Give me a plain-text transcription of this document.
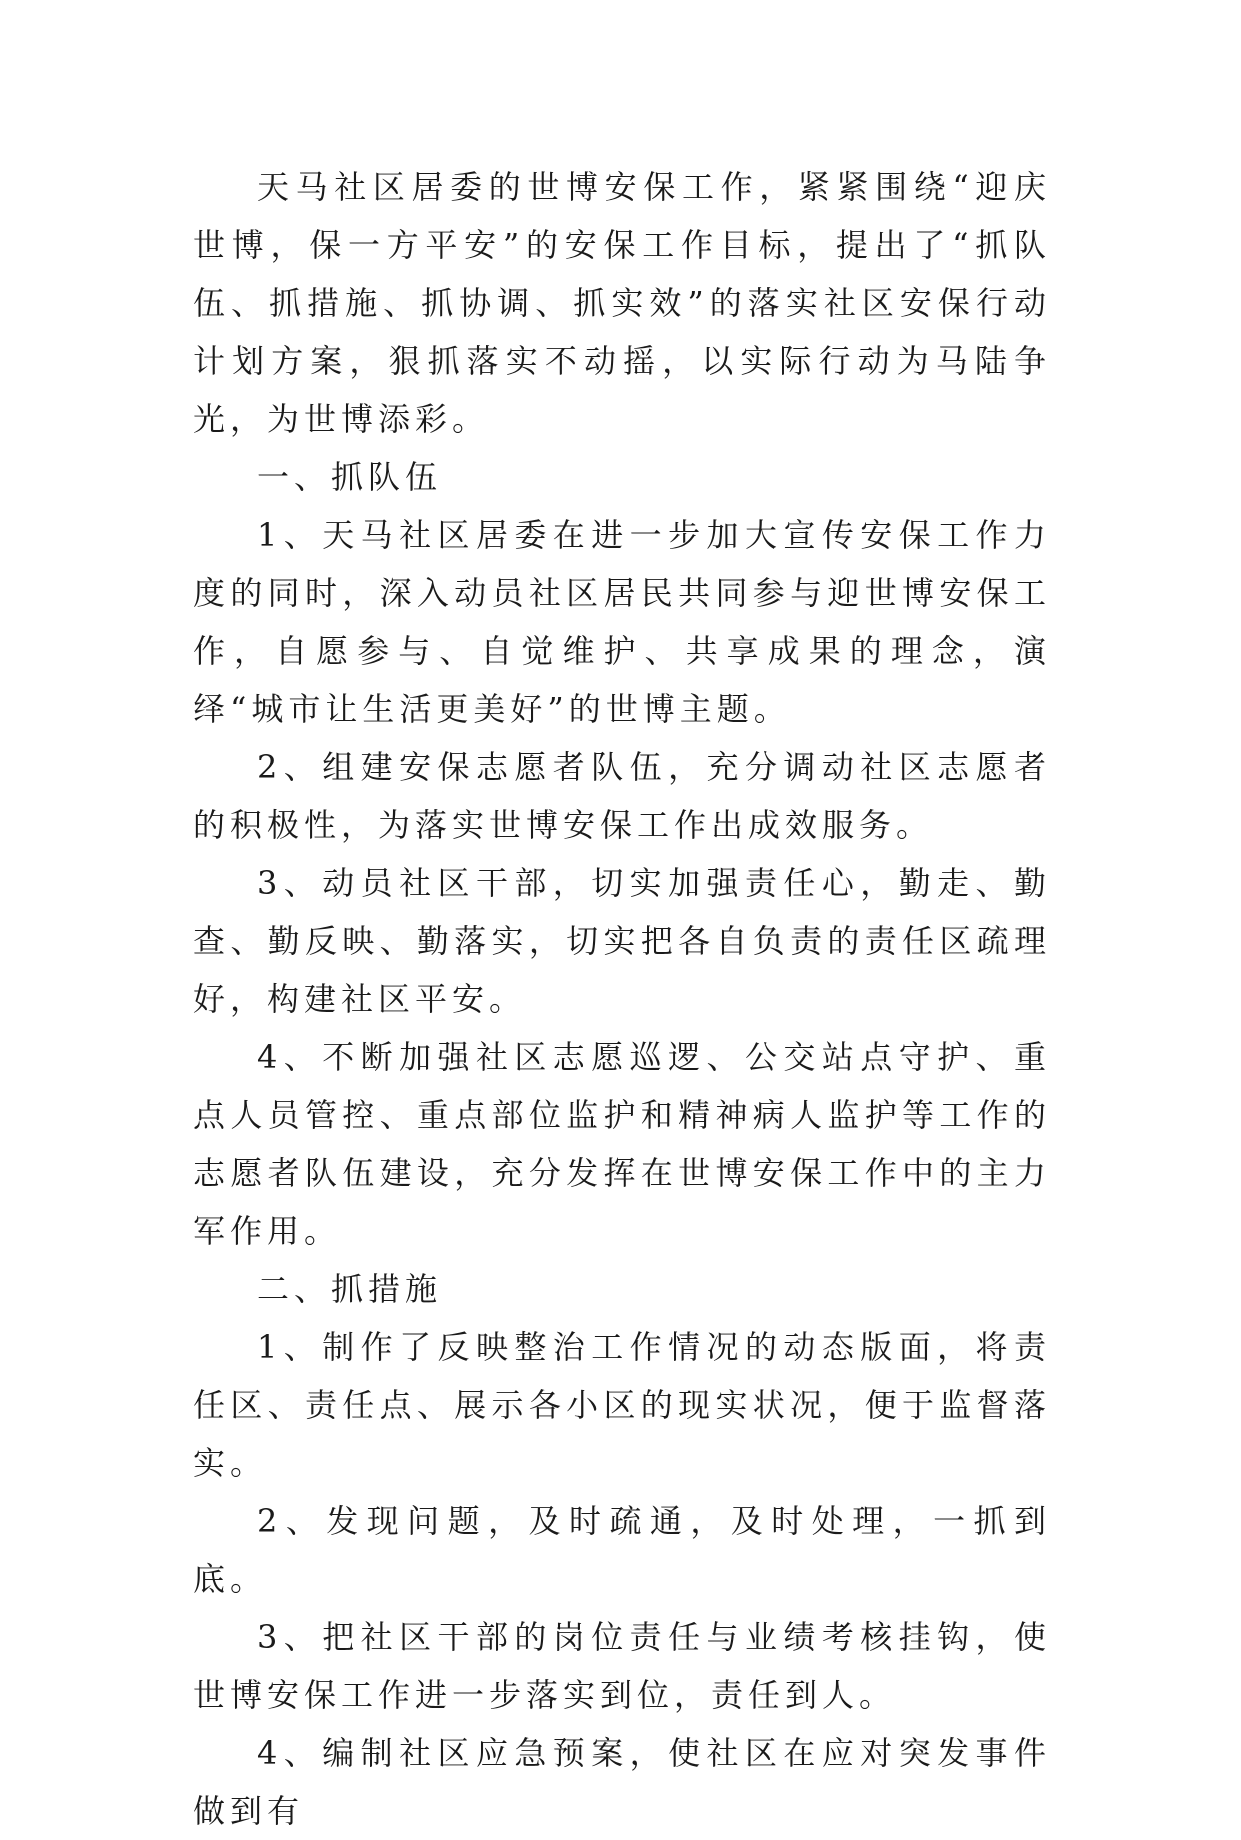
天马社区居委的世博安保工作，紧紧围绕“迎庆世博，保一方平安”的安保工作目标，提出了“抓队伍、抓措施、抓协调、抓实效”的落实社区安保行动计划方案，狠抓落实不动摇，以实际行动为马陆争光，为世博添彩。

一、抓队伍

1、天马社区居委在进一步加大宣传安保工作力度的同时，深入动员社区居民共同参与迎世博安保工作，自愿参与、自觉维护、共享成果的理念，演绎“城市让生活更美好”的世博主题。

2、组建安保志愿者队伍，充分调动社区志愿者的积极性，为落实世博安保工作出成效服务。

3、动员社区干部，切实加强责任心，勤走、勤查、勤反映、勤落实，切实把各自负责的责任区疏理好，构建社区平安。

4、不断加强社区志愿巡逻、公交站点守护、重点人员管控、重点部位监护和精神病人监护等工作的志愿者队伍建设，充分发挥在世博安保工作中的主力军作用。

二、抓措施

1、制作了反映整治工作情况的动态版面，将责任区、责任点、展示各小区的现实状况，便于监督落实。

2、发现问题，及时疏通，及时处理，一抓到底。

3、把社区干部的岗位责任与业绩考核挂钩，使世博安保工作进一步落实到位，责任到人。

4、编制社区应急预案，使社区在应对突发事件做到有
